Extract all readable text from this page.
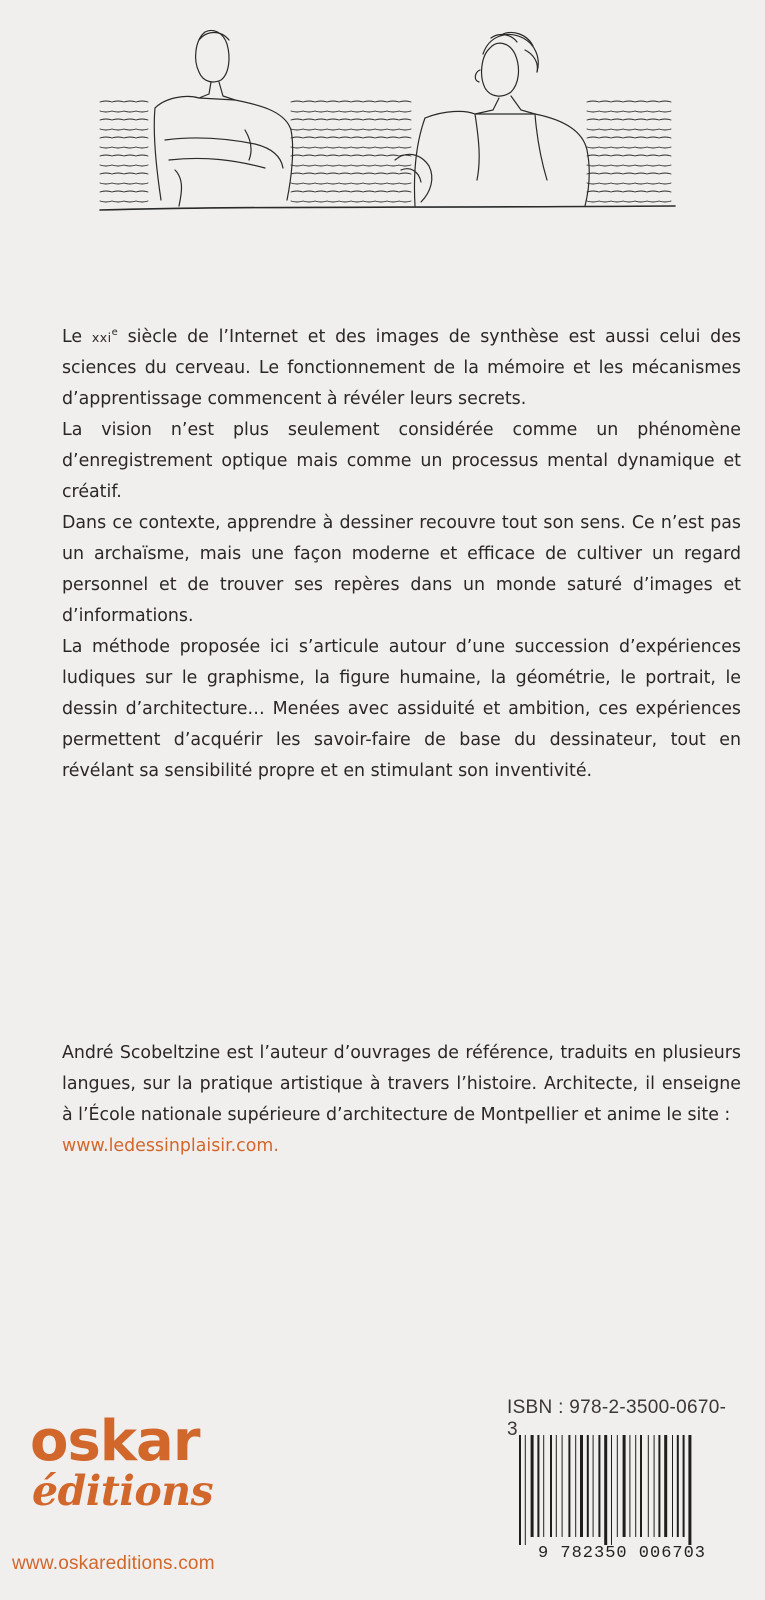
Le xxi$^e$ siècle de l’Internet et des images de synthèse est aussi celui des sciences du cerveau. Le fonctionnement de la mémoire et les mécanismes d’apprentissage commencent à révéler leurs secrets.

La vision n’est plus seulement considérée comme un phénomène d’enregistrement optique mais comme un processus mental dynamique et créatif.

Dans ce contexte, apprendre à dessiner recouvre tout son sens. Ce n’est pas un archaïsme, mais une façon moderne et efficace de cultiver un regard personnel et de trouver ses repères dans un monde saturé d’images et d’informations.

La méthode proposée ici s’articule autour d’une succession d’expériences ludiques sur le graphisme, la figure humaine, la géométrie, le portrait, le dessin d’architecture… Menées avec assiduité et ambition, ces expériences permettent d’acquérir les savoir-faire de base du dessinateur, tout en révélant sa sensibilité propre et en stimulant son inventivité.

André Scobeltzine est l’auteur d’ouvrages de référence, traduits en plusieurs langues, sur la pratique artistique à travers l’histoire. Architecte, il enseigne à l’École nationale supérieure d’architecture de Montpellier et anime le site :

www.ledessinplaisir.com.

ISBN : 978-2-3500-0670-3
9 782350 006703
oskar
éditions
www.oskareditions.com
